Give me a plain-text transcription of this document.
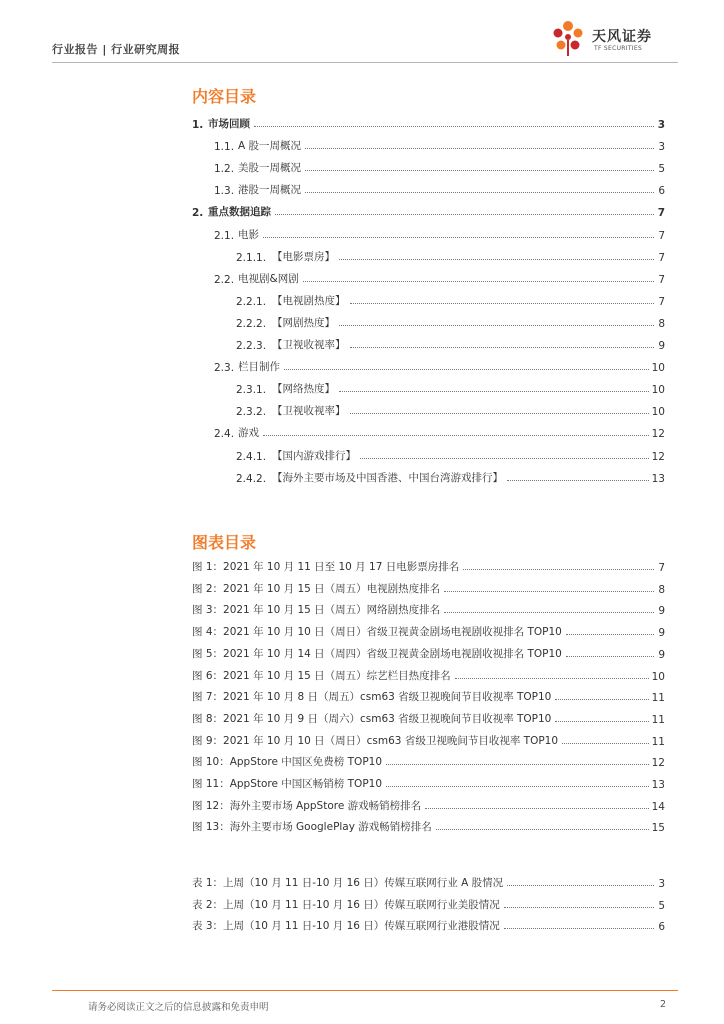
行业报告 | 行业研究周报
天风证券
TF SECURITIES
内容目录
1. 市场回顾	3
1.1. A 股一周概况	3
1.2. 美股一周概况	5
1.3. 港股一周概况	6
2. 重点数据追踪	7
2.1. 电影	7
2.1.1. 【电影票房】	7
2.2. 电视剧&网剧	7
2.2.1. 【电视剧热度】	7
2.2.2. 【网剧热度】	8
2.2.3. 【卫视收视率】	9
2.3. 栏目制作	10
2.3.1. 【网络热度】	10
2.3.2. 【卫视收视率】	10
2.4. 游戏	12
2.4.1. 【国内游戏排行】	12
2.4.2. 【海外主要市场及中国香港、中国台湾游戏排行】	13
图表目录
图 1：2021 年 10 月 11 日至 10 月 17 日电影票房排名	7
图 2：2021 年 10 月 15 日（周五）电视剧热度排名	8
图 3：2021 年 10 月 15 日（周五）网络剧热度排名	9
图 4：2021 年 10 月 10 日（周日）省级卫视黄金剧场电视剧收视排名 TOP10	9
图 5：2021 年 10 月 14 日（周四）省级卫视黄金剧场电视剧收视排名 TOP10	9
图 6：2021 年 10 月 15 日（周五）综艺栏目热度排名	10
图 7：2021 年 10 月 8 日（周五）csm63 省级卫视晚间节目收视率 TOP10	11
图 8：2021 年 10 月 9 日（周六）csm63 省级卫视晚间节目收视率 TOP10	11
图 9：2021 年 10 月 10 日（周日）csm63 省级卫视晚间节目收视率 TOP10	11
图 10：AppStore 中国区免费榜 TOP10	12
图 11：AppStore 中国区畅销榜 TOP10	13
图 12：海外主要市场 AppStore 游戏畅销榜排名	14
图 13：海外主要市场 GooglePlay 游戏畅销榜排名	15
表 1：上周（10 月 11 日-10 月 16 日）传媒互联网行业 A 股情况	3
表 2：上周（10 月 11 日-10 月 16 日）传媒互联网行业美股情况	5
表 3：上周（10 月 11 日-10 月 16 日）传媒互联网行业港股情况	6
请务必阅读正文之后的信息披露和免责申明	2
